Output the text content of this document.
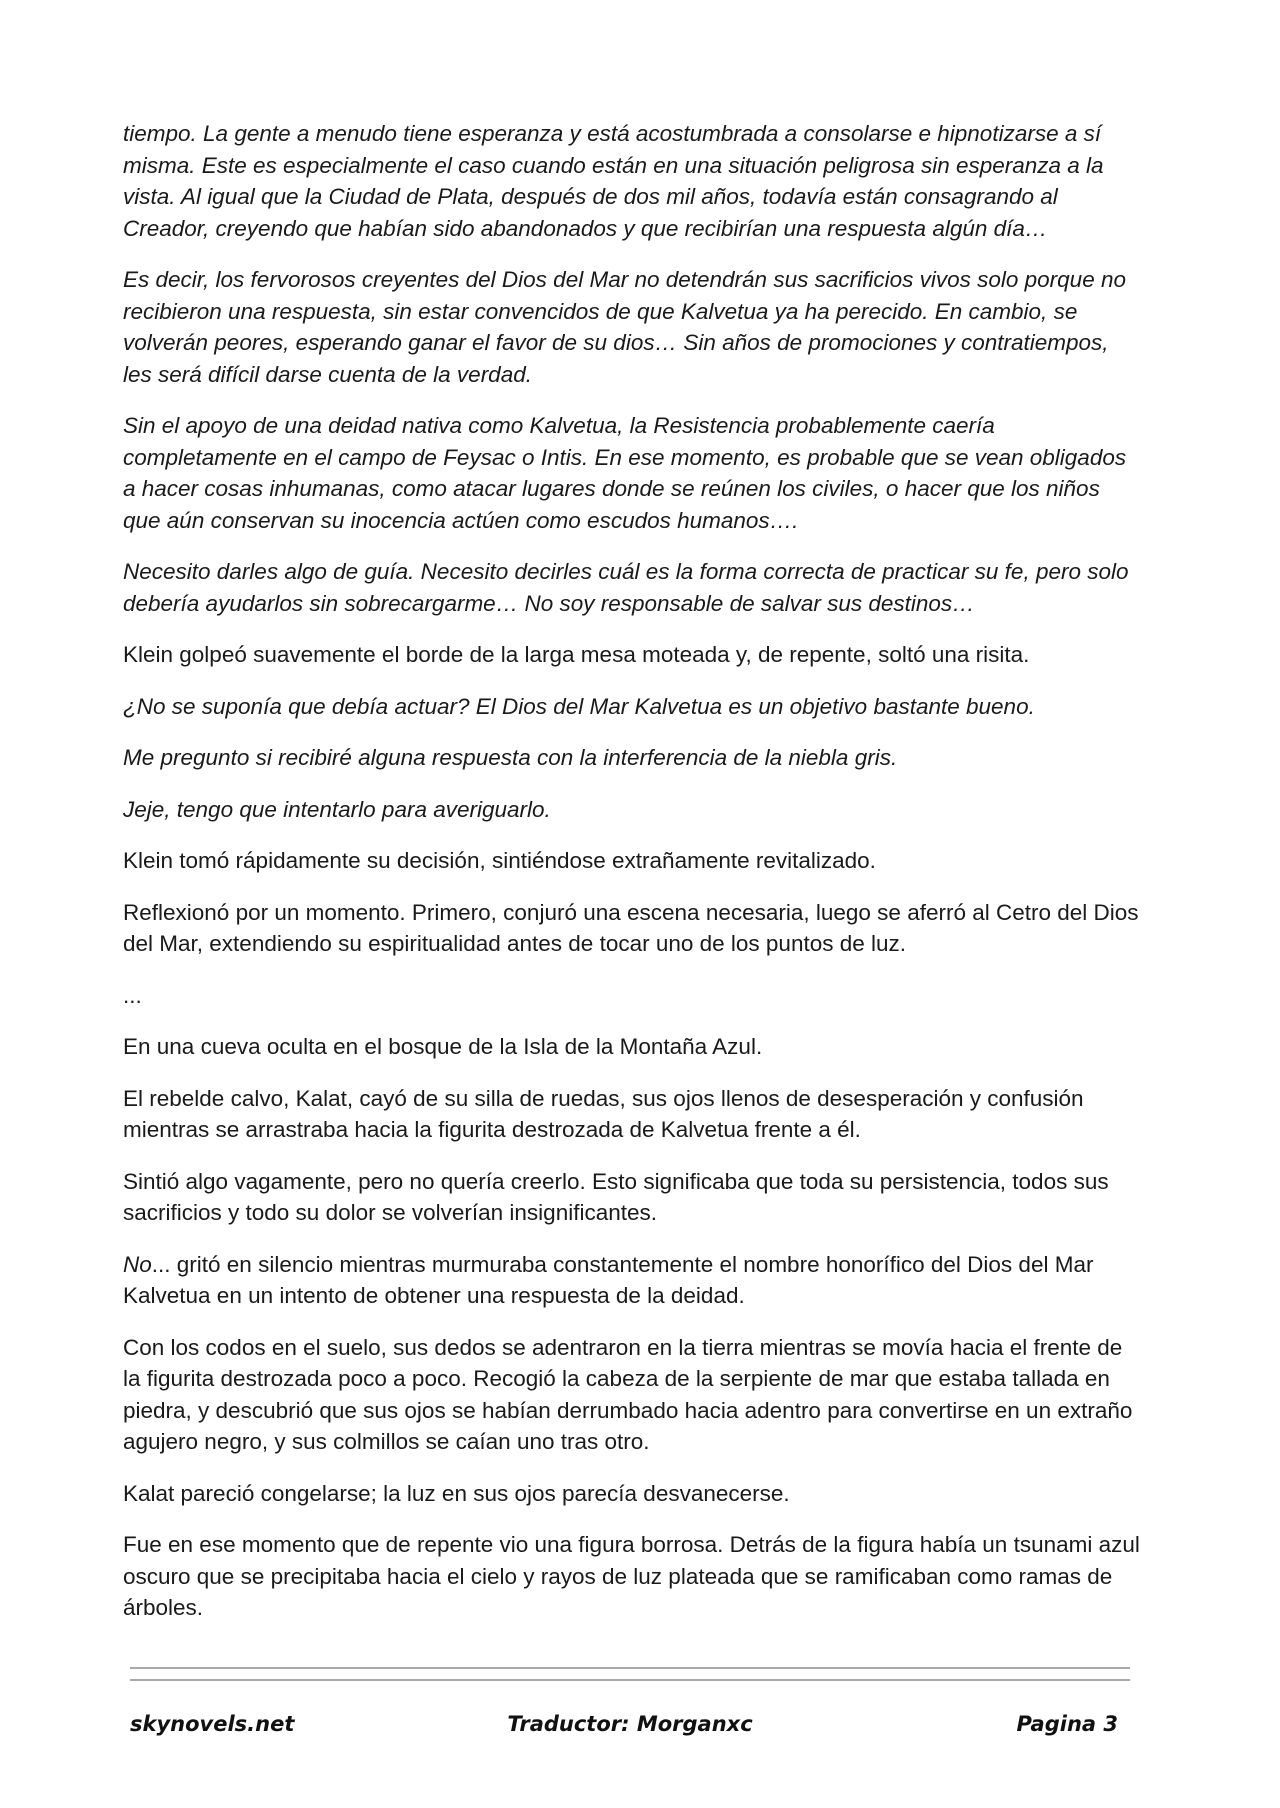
tiempo. La gente a menudo tiene esperanza y está acostumbrada a consolarse e hipnotizarse a sí misma. Este es especialmente el caso cuando están en una situación peligrosa sin esperanza a la vista. Al igual que la Ciudad de Plata, después de dos mil años, todavía están consagrando al Creador, creyendo que habían sido abandonados y que recibirían una respuesta algún día…

Es decir, los fervorosos creyentes del Dios del Mar no detendrán sus sacrificios vivos solo porque no recibieron una respuesta, sin estar convencidos de que Kalvetua ya ha perecido. En cambio, se volverán peores, esperando ganar el favor de su dios… Sin años de promociones y contratiempos, les será difícil darse cuenta de la verdad.

Sin el apoyo de una deidad nativa como Kalvetua, la Resistencia probablemente caería completamente en el campo de Feysac o Intis. En ese momento, es probable que se vean obligados a hacer cosas inhumanas, como atacar lugares donde se reúnen los civiles, o hacer que los niños que aún conservan su inocencia actúen como escudos humanos….

Necesito darles algo de guía. Necesito decirles cuál es la forma correcta de practicar su fe, pero solo debería ayudarlos sin sobrecargarme… No soy responsable de salvar sus destinos…

Klein golpeó suavemente el borde de la larga mesa moteada y, de repente, soltó una risita.

¿No se suponía que debía actuar? El Dios del Mar Kalvetua es un objetivo bastante bueno.

Me pregunto si recibiré alguna respuesta con la interferencia de la niebla gris.

Jeje, tengo que intentarlo para averiguarlo.

Klein tomó rápidamente su decisión, sintiéndose extrañamente revitalizado.

Reflexionó por un momento. Primero, conjuró una escena necesaria, luego se aferró al Cetro del Dios del Mar, extendiendo su espiritualidad antes de tocar uno de los puntos de luz.

...

En una cueva oculta en el bosque de la Isla de la Montaña Azul.

El rebelde calvo, Kalat, cayó de su silla de ruedas, sus ojos llenos de desesperación y confusión mientras se arrastraba hacia la figurita destrozada de Kalvetua frente a él.

Sintió algo vagamente, pero no quería creerlo. Esto significaba que toda su persistencia, todos sus sacrificios y todo su dolor se volverían insignificantes.

No... gritó en silencio mientras murmuraba constantemente el nombre honorífico del Dios del Mar Kalvetua en un intento de obtener una respuesta de la deidad.

Con los codos en el suelo, sus dedos se adentraron en la tierra mientras se movía hacia el frente de la figurita destrozada poco a poco. Recogió la cabeza de la serpiente de mar que estaba tallada en piedra, y descubrió que sus ojos se habían derrumbado hacia adentro para convertirse en un extraño agujero negro, y sus colmillos se caían uno tras otro.

Kalat pareció congelarse; la luz en sus ojos parecía desvanecerse.

Fue en ese momento que de repente vio una figura borrosa. Detrás de la figura había un tsunami azul oscuro que se precipitaba hacia el cielo y rayos de luz plateada que se ramificaban como ramas de árboles.

skynovels.net	Traductor: Morganxc	Pagina 3
